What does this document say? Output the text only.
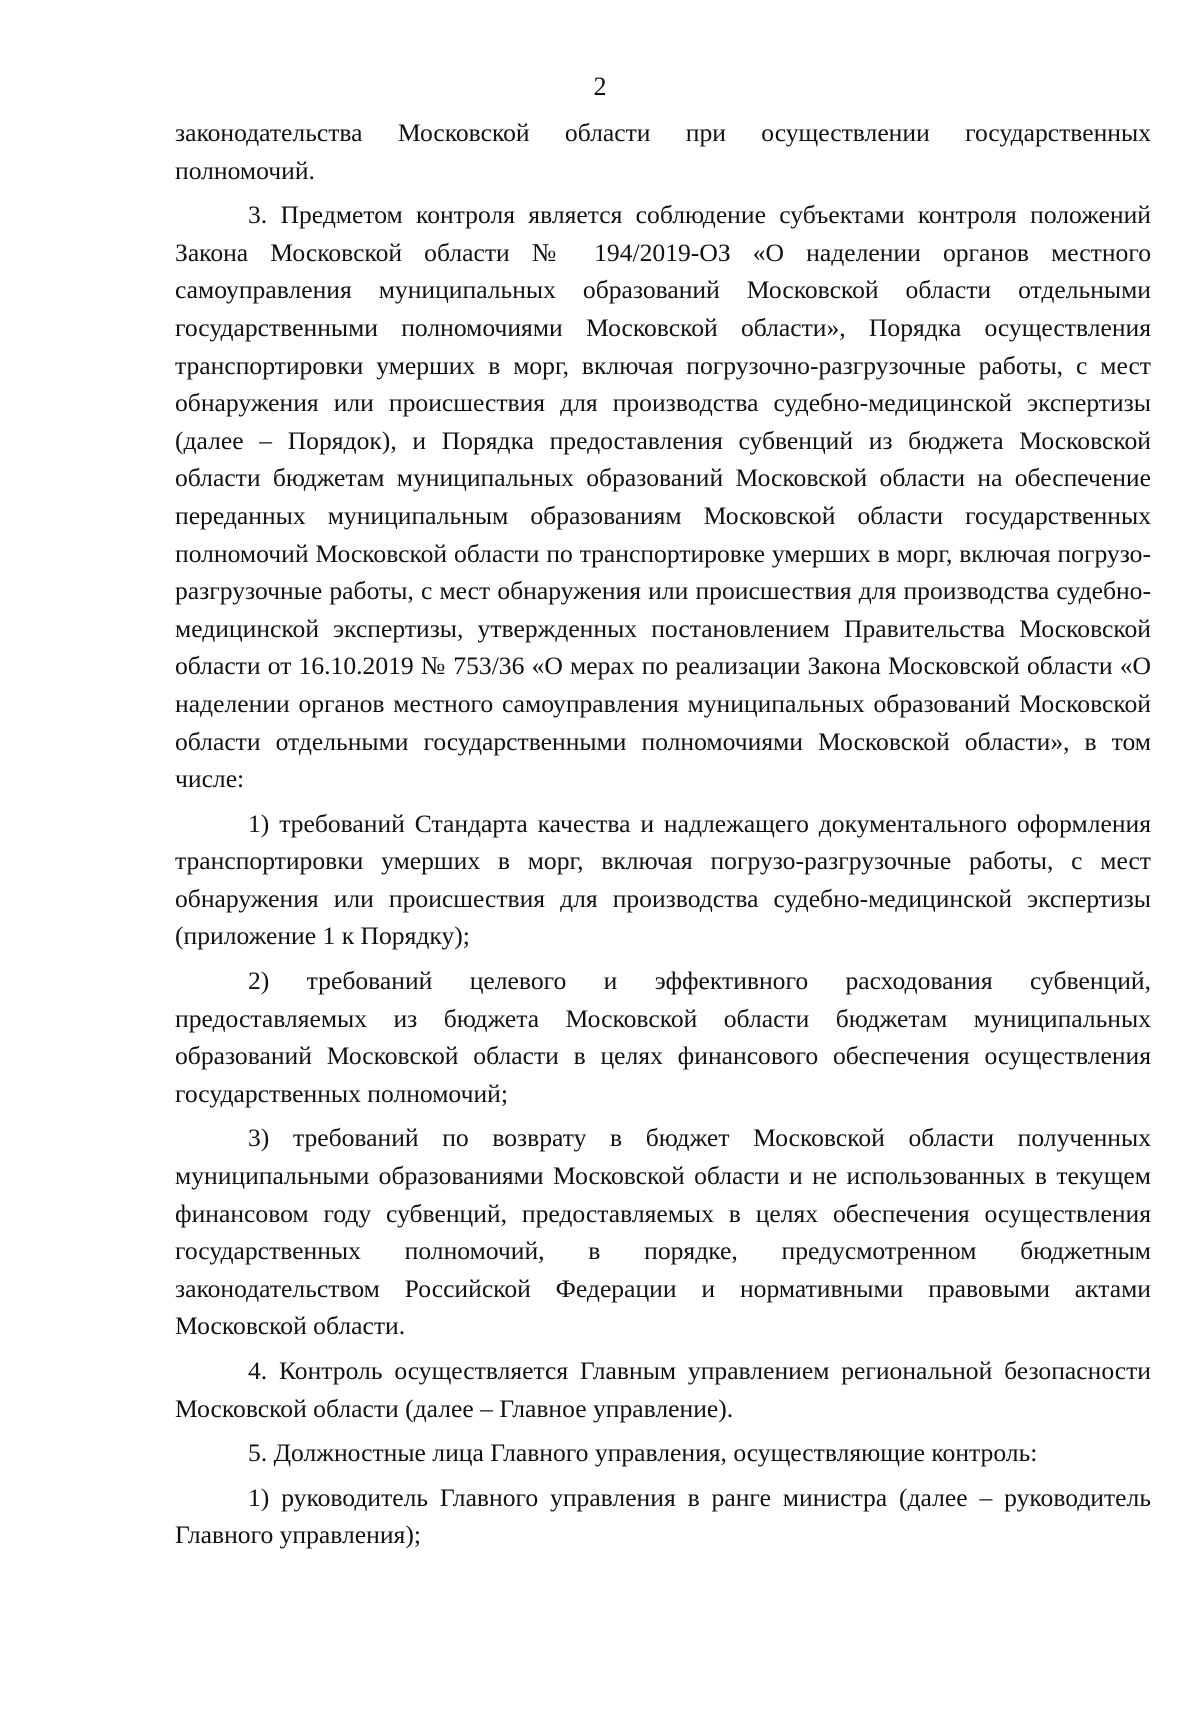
2

законодательства Московской области при осуществлении государственных полномочий.

3. Предметом контроля является соблюдение субъектами контроля положений Закона Московской области № 194/2019-ОЗ «О наделении органов местного самоуправления муниципальных образований Московской области отдельными государственными полномочиями Московской области», Порядка осуществления транспортировки умерших в морг, включая погрузочно-разгрузочные работы, с мест обнаружения или происшествия для производства судебно-медицинской экспертизы (далее – Порядок), и Порядка предоставления субвенций из бюджета Московской области бюджетам муниципальных образований Московской области на обеспечение переданных муниципальным образованиям Московской области государственных полномочий Московской области по транспортировке умерших в морг, включая погрузо-разгрузочные работы, с мест обнаружения или происшествия для производства судебно-медицинской экспертизы, утвержденных постановлением Правительства Московской области от 16.10.2019 № 753/36 «О мерах по реализации Закона Московской области «О наделении органов местного самоуправления муниципальных образований Московской области отдельными государственными полномочиями Московской области», в том числе:

1) требований Стандарта качества и надлежащего документального оформления транспортировки умерших в морг, включая погрузо-разгрузочные работы, с мест обнаружения или происшествия для производства судебно-медицинской экспертизы (приложение 1 к Порядку);

2) требований целевого и эффективного расходования субвенций, предоставляемых из бюджета Московской области бюджетам муниципальных образований Московской области в целях финансового обеспечения осуществления государственных полномочий;

3) требований по возврату в бюджет Московской области полученных муниципальными образованиями Московской области и не использованных в текущем финансовом году субвенций, предоставляемых в целях обеспечения осуществления государственных полномочий, в порядке, предусмотренном бюджетным законодательством Российской Федерации и нормативными правовыми актами Московской области.

4. Контроль осуществляется Главным управлением региональной безопасности Московской области (далее – Главное управление).

5. Должностные лица Главного управления, осуществляющие контроль:

1) руководитель Главного управления в ранге министра (далее – руководитель Главного управления);
